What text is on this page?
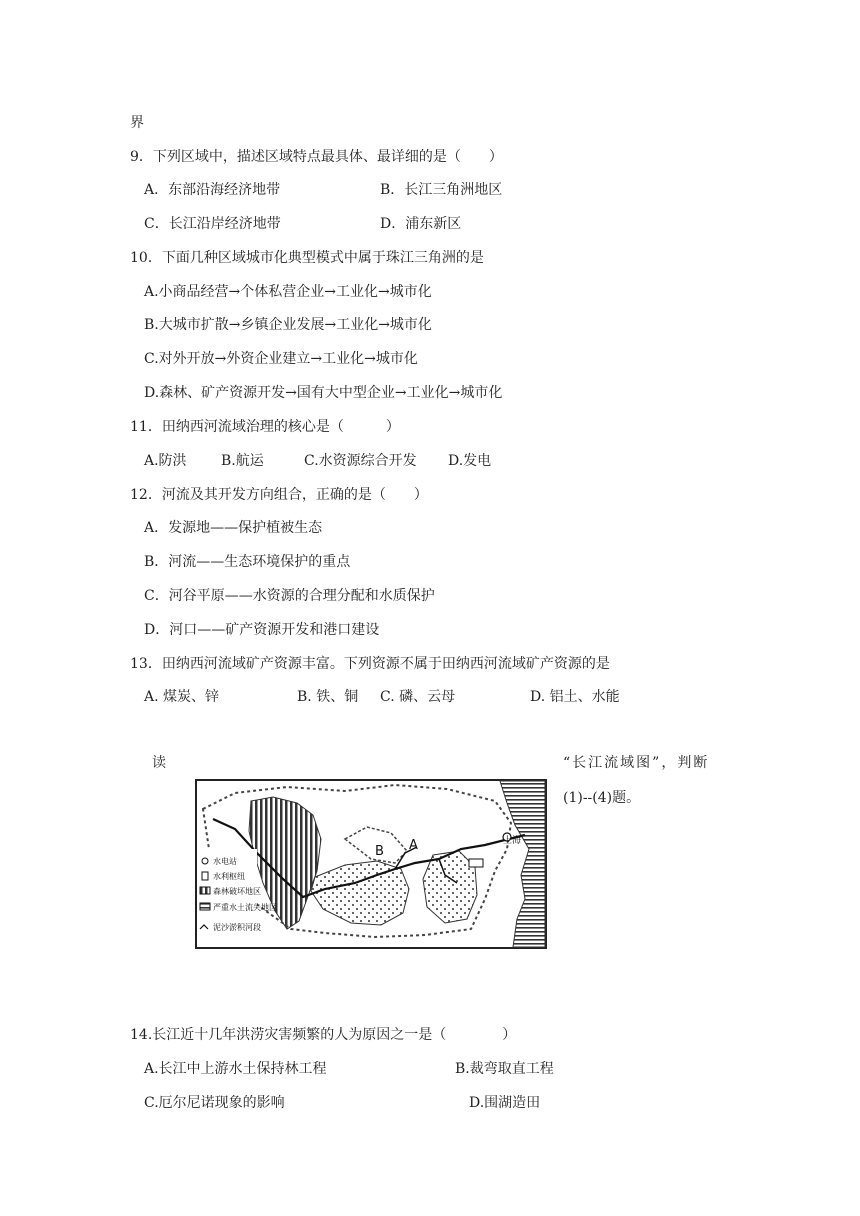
界
9．下列区域中，描述区域特点最具体、最详细的是（　　）
A．东部沿海经济地带	B．长江三角洲地区
C．长江沿岸经济地带	D．浦东新区
10．下面几种区域城市化典型模式中属于珠江三角洲的是
A.小商品经营→个体私营企业→工业化→城市化
B.大城市扩散→乡镇企业发展→工业化→城市化
C.对外开放→外资企业建立→工业化→城市化
D.森林、矿产资源开发→国有大中型企业→工业化→城市化
11．田纳西河流域治理的核心是（　　　）
A.防洪 B.航运	C.水资源综合开发 D.发电
12．河流及其开发方向组合，正确的是（　　）
A．发源地——保护植被生态
B．河流——生态环境保护的重点
C．河谷平原——水资源的合理分配和水质保护
D．河口——矿产资源开发和港口建设
13．田纳西河流域矿产资源丰富。下列资源不属于田纳西河流域矿产资源的是
A. 煤炭、锌	B. 铁、铜 C. 磷、云母	D. 铝土、水能
读	“长江流域图”，判断
(1)--(4)题。
B A	上海
水电站
水利枢纽
森林破坏地区
严重水土流失地区
泥沙淤积河段
14.长江近十几年洪涝灾害频繁的人为原因之一是（　　　　）
A.长江中上游水土保持林工程	B.裁弯取直工程
C.厄尔尼诺现象的影响	D.围湖造田
